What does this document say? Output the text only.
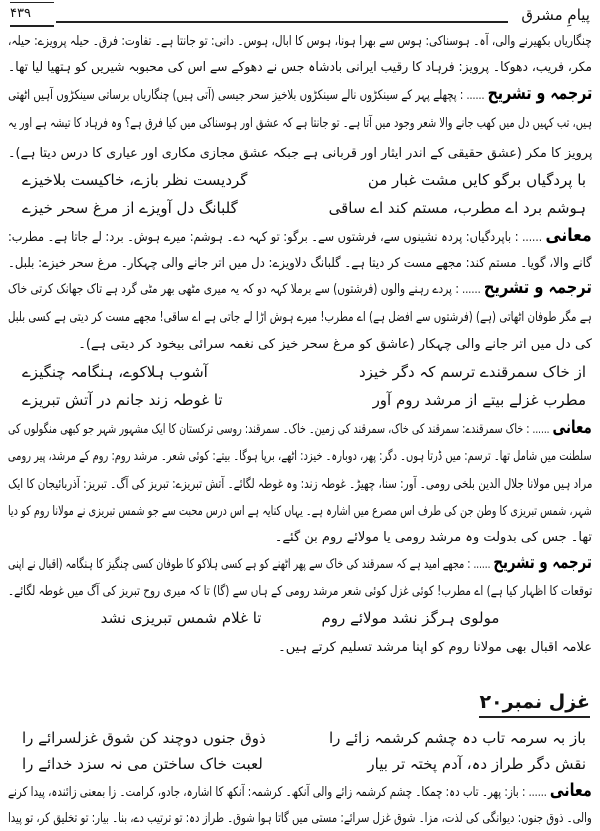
۴۳۹	پیامِ مشرق
چنگاریاں بکھیرنے والی، آہ۔ ہوسناکی: ہوس سے بھرا ہونا، ہوس کا ابال، ہوس۔ دانی: تو جانتا ہے۔ تفاوت: فرق۔ حیلہ پرویزے: حیلہ،
مکر، فریب، دھوکا۔ پرویز: فرہاد کا رقیب ایرانی بادشاہ جس نے دھوکے سے اس کی محبوبہ شیریں کو ہتھیا لیا تھا۔
ترجمہ و تشریح......: پچھلے پہر کے سینکڑوں نالے سینکڑوں بلاخیز سحر جیسی (آتی ہیں) چنگاریاں برساتی سینکڑوں آہیں اٹھتی
ہیں، تب کہیں دل میں کھب جانے والا شعر وجود میں آتا ہے۔ تو جانتا ہے کہ عشق اور ہوسناکی میں کیا فرق ہے؟ وہ فرہاد کا تیشہ ہے اور یہ
پرویز کا مکر (عشق حقیقی کے اندر ایثار اور قربانی ہے جبکہ عشق مجازی مکاری اور عیاری کا درس دیتا ہے)۔
با پردگیاں برگو کایں مشت غبار من
گردیست نظر بازے، خاکیست بلاخیزے
ہوشم برد اے مطرب، مستم کند اے ساقی
گلبانگ دل آویزے از مرغ سحر خیزے
معانی......: باپردگیاں: پردہ نشینوں سے، فرشتوں سے۔ برگو: تو کہہ دے۔ ہوشم: میرے ہوش۔ برد: لے جاتا ہے۔ مطرب:
گانے والا، گویا۔ مستم کند: مجھے مست کر دیتا ہے۔ گلبانگ دلاویزے: دل میں اتر جانے والی چہکار۔ مرغ سحر خیزے: بلبل۔
ترجمہ و تشریح......: پردے رہنے والوں (فرشتوں) سے برملا کہہ دو کہ یہ میری مٹھی بھر مٹی گرد ہے تاک جھانک کرتی خاک
ہے مگر طوفان اٹھاتی (ہے) (فرشتوں سے افضل ہے) اے مطرب! میرے ہوش اڑا لے جاتی ہے اے ساقی! مجھے مست کر دیتی ہے کسی بلبل
کی دل میں اتر جانے والی چہکار (عاشق کو مرغ سحر خیز کی نغمہ سرائی بیخود کر دیتی ہے)۔
از خاک سمرقندے ترسم کہ دگر خیزد
آشوب ہلاکوے، ہنگامہ چنگیزے
مطرب غزلے بیتے از مرشد روم آور
تا غوطہ زند جانم در آتش تبریزے
معانی......: خاک سمرقندے: سمرقند کی خاک، سمرقند کی زمین۔ خاک۔ سمرقند: روسی ترکستان کا ایک مشہور شہر جو کبھی منگولوں کی
سلطنت میں شامل تھا۔ ترسم: میں ڈرتا ہوں۔ دگر: پھر، دوبارہ۔ خیزد: اٹھے، برپا ہوگا۔ بیتے: کوئی شعر۔ مرشد روم: روم کے مرشد، پیر رومی
مراد ہیں مولانا جلال الدین بلخی رومی۔ آور: سنا، چھیڑ۔ غوطہ زند: وہ غوطہ لگائے۔ آتش تبریزے: تبریز کی آگ۔ تبریز: آذربائیجان کا ایک
شہر، شمس تبریزی کا وطن جن کی طرف اس مصرع میں اشارہ ہے۔ یہاں کنایہ ہے اس درس محبت سے جو شمس تبریزی نے مولانا روم کو دیا
تھا۔ جس کی بدولت وہ مرشد رومی یا مولائے روم بن گئے۔
ترجمہ و تشریح......: مجھے امید ہے کہ سمرقند کی خاک سے پھر اٹھنے کو ہے کسی ہلاکو کا طوفان کسی چنگیز کا ہنگامہ (اقبال نے اپنی
توقعات کا اظہار کیا ہے) اے مطرب! کوئی غزل کوئی شعر مرشد رومی کے ہاں سے (گا) تا کہ میری روح تبریز کی آگ میں غوطہ لگائے۔
مولوی ہرگز نشد مولائے روم
تا غلام شمس تبریزی نشد
علامہ اقبال بھی مولانا روم کو اپنا مرشد تسلیم کرتے ہیں۔
غزل نمبر۲۰
باز بہ سرمہ تاب دہ چشم کرشمہ زائے را
ذوق جنوں دوچند کن شوق غزلسرائے را
نقش دگر طراز دہ، آدم پختہ تر بیار
لعبت خاک ساختن می نہ سزد خدائے را
معانی......: باز: پھر۔ تاب دہ: چمکا۔ چشم کرشمہ زائے والی آنکھ۔ کرشمہ: آنکھ کا اشارہ، جادو، کرامت۔ زا بمعنی زائندہ، پیدا کرنے
والی۔ ذوق جنوں: دیوانگی کی لذت، مزا۔ شوق غزل سرائے: مستی میں گاتا ہوا شوق۔ طراز دہ: تو ترتیب دے، بنا۔ بیار: تو تخلیق کر، تو پیدا
